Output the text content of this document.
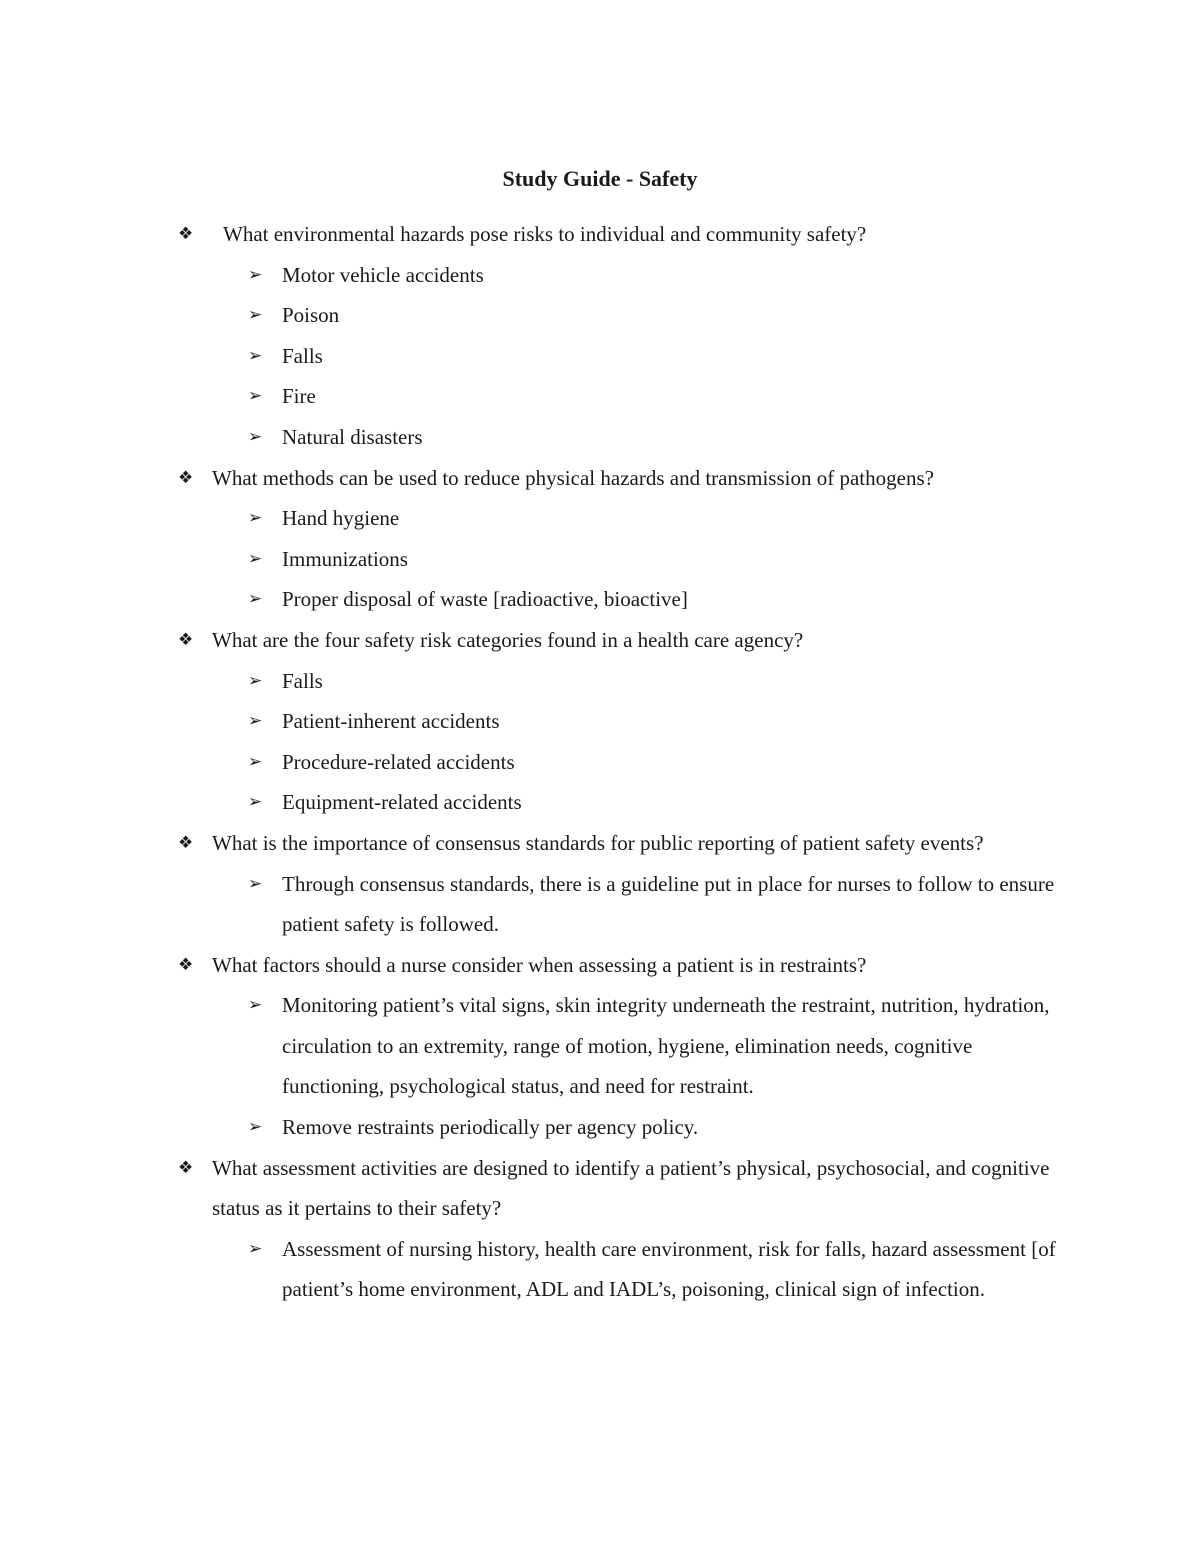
Study Guide - Safety
❖ What environmental hazards pose risks to individual and community safety?
➢ Motor vehicle accidents
➢ Poison
➢ Falls
➢ Fire
➢ Natural disasters
❖ What methods can be used to reduce physical hazards and transmission of pathogens?
➢ Hand hygiene
➢ Immunizations
➢ Proper disposal of waste [radioactive, bioactive]
❖ What are the four safety risk categories found in a health care agency?
➢ Falls
➢ Patient-inherent accidents
➢ Procedure-related accidents
➢ Equipment-related accidents
❖ What is the importance of consensus standards for public reporting of patient safety events?
➢ Through consensus standards, there is a guideline put in place for nurses to follow to ensure patient safety is followed.
❖ What factors should a nurse consider when assessing a patient is in restraints?
➢ Monitoring patient’s vital signs, skin integrity underneath the restraint, nutrition, hydration, circulation to an extremity, range of motion, hygiene, elimination needs, cognitive functioning, psychological status, and need for restraint.
➢ Remove restraints periodically per agency policy.
❖ What assessment activities are designed to identify a patient’s physical, psychosocial, and cognitive status as it pertains to their safety?
➢ Assessment of nursing history, health care environment, risk for falls, hazard assessment [of patient’s home environment, ADL and IADL’s, poisoning, clinical sign of infection.
